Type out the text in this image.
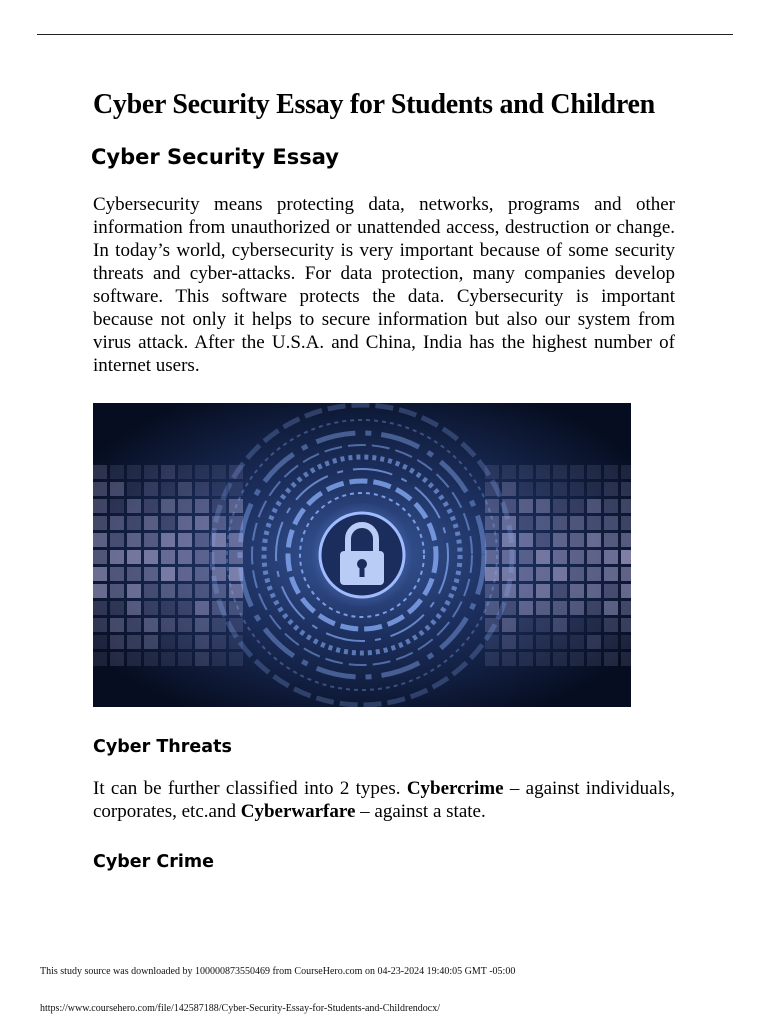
Cyber Security Essay for Students and Children
Cyber Security Essay

Cybersecurity means protecting data, networks, programs and other information from unauthorized or unattended access, destruction or change. In today’s world, cybersecurity is very important because of some security threats and cyber-attacks. For data protection, many companies develop software. This software protects the data. Cybersecurity is important because not only it helps to secure information but also our system from virus attack. After the U.S.A. and China, India has the highest number of internet users.

Cyber Threats

It can be further classified into 2 types. Cybercrime – against individuals, corporates, etc.and Cyberwarfare – against a state.

Cyber Crime
This study source was downloaded by 100000873550469 from CourseHero.com on 04-23-2024 19:40:05 GMT -05:00
https://www.coursehero.com/file/142587188/Cyber-Security-Essay-for-Students-and-Childrendocx/
